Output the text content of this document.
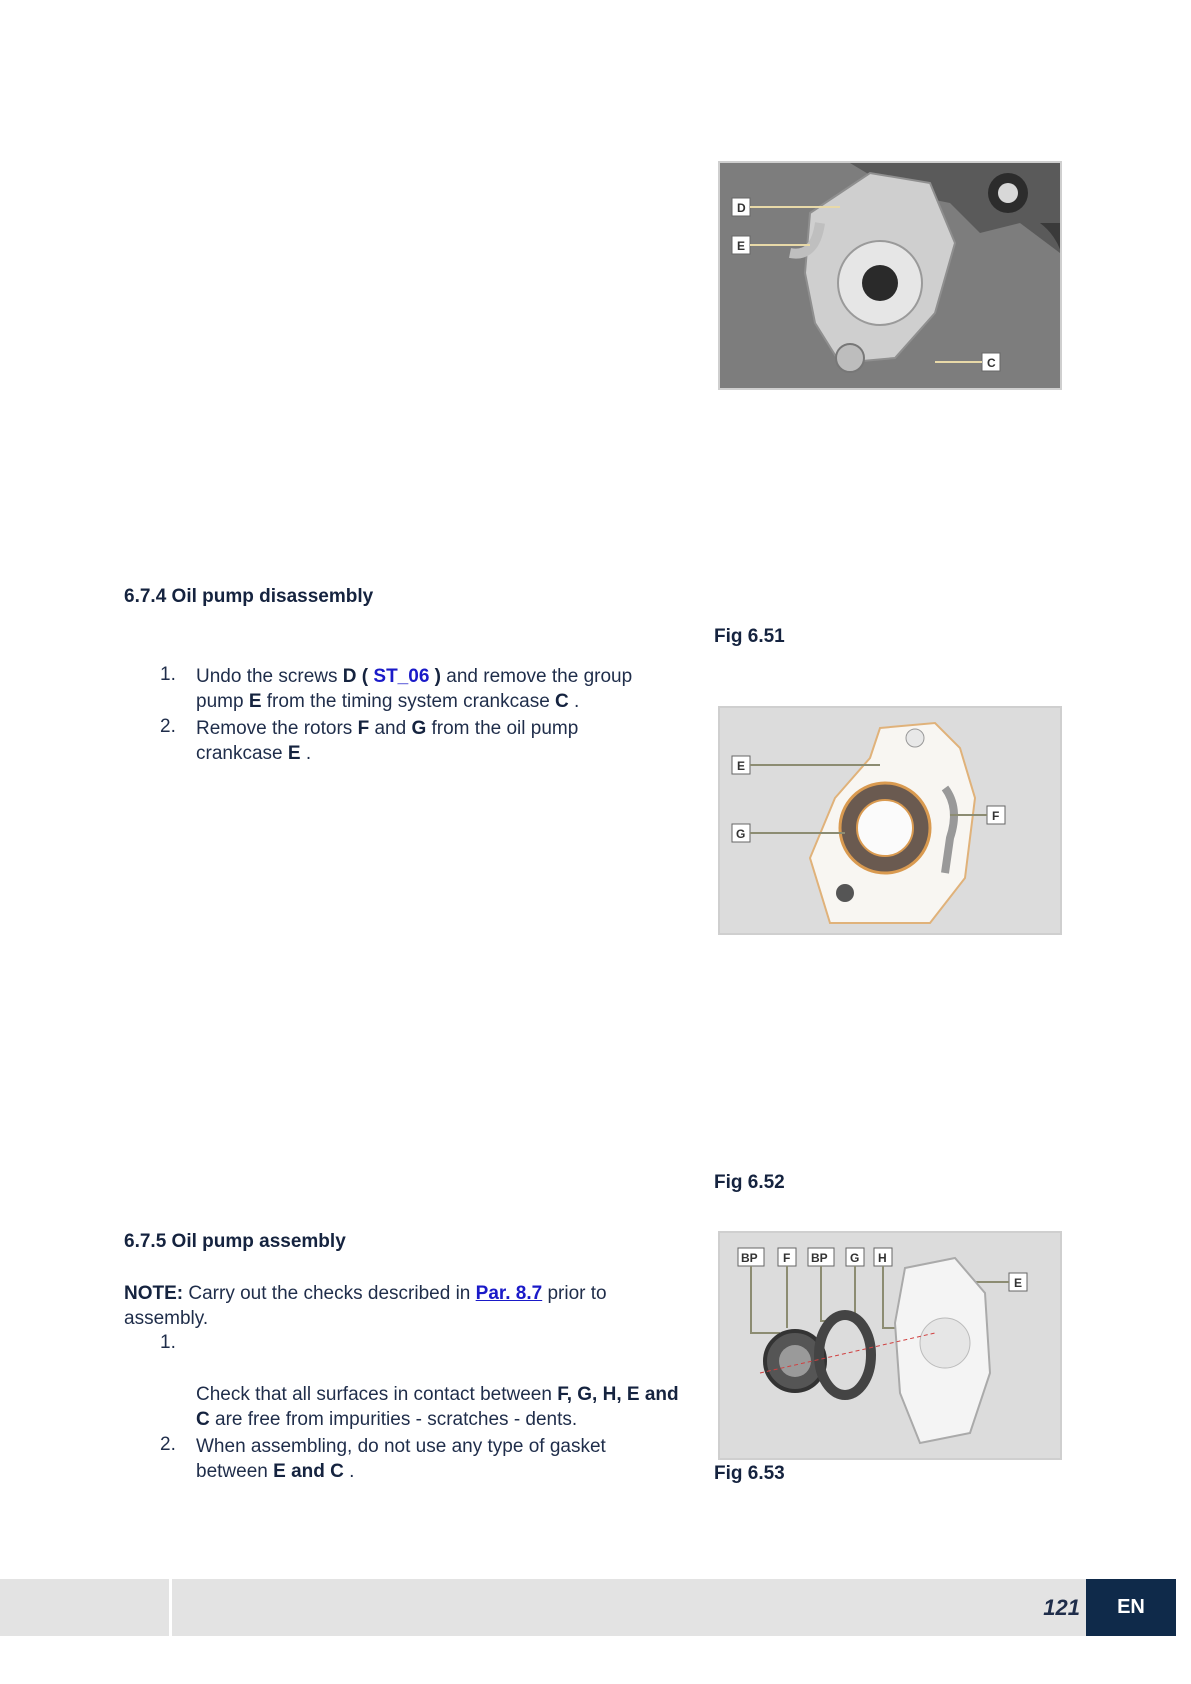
6.7.4 Oil pump disassembly
1. Undo the screws D ( ST_06 ) and remove the group pump E from the timing system crankcase C .
2. Remove the rotors F and G from the oil pump crankcase E .
6.7.5 Oil pump assembly
NOTE: Carry out the checks described in Par. 8.7 prior to assembly.
1.
Check that all surfaces in contact between F, G, H, E and C are free from impurities - scratches - dents.
2. When assembling, do not use any type of gasket between E and C .
D
E
C
Fig 6.51
E
G
F
Fig 6.52
BP F BP G H
E
Fig 6.53
121	EN
